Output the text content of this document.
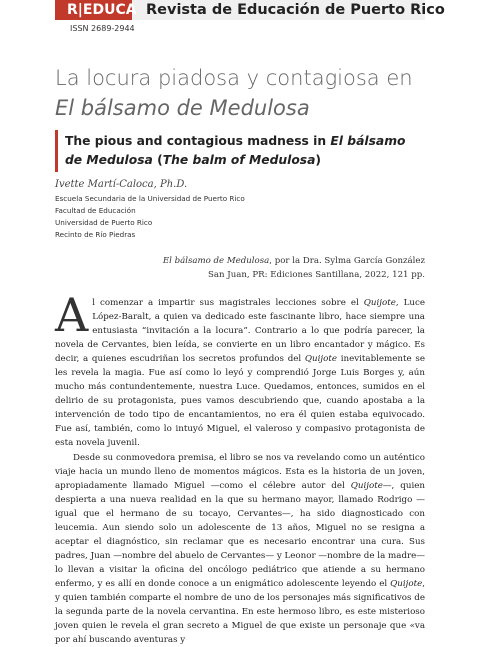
R|EDUCA Revista de Educación de Puerto Rico
ISSN 2689-2944
La locura piadosa y contagiosa en
El bálsamo de Medulosa
The pious and contagious madness in El bálsamo de Medulosa (The balm of Medulosa)
Ivette Martí-Caloca, Ph.D.
Escuela Secundaria de la Universidad de Puerto Rico
Facultad de Educación
Universidad de Puerto Rico
Recinto de Río Piedras
El bálsamo de Medulosa, por la Dra. Sylma García González
San Juan, PR: Ediciones Santillana, 2022, 121 pp.

Al comenzar a impartir sus magistrales lecciones sobre el Quijote, Luce López-Baralt, a quien va dedicado este fascinante libro, hace siempre una entusiasta “invitación a la locura”. Contrario a lo que podría parecer, la novela de Cervantes, bien leída, se convierte en un libro encantador y mágico. Es decir, a quienes escudriñan los secretos profundos del Quijote inevitablemente se les revela la magia. Fue así como lo leyó y comprendió Jorge Luis Borges y, aún mucho más contundentemente, nuestra Luce. Quedamos, entonces, sumidos en el delirio de su protagonista, pues vamos descubriendo que, cuando apostaba a la intervención de todo tipo de encantamientos, no era él quien estaba equivocado. Fue así, también, como lo intuyó Miguel, el valeroso y compasivo protagonista de esta novela juvenil.

Desde su conmovedora premisa, el libro se nos va revelando como un auténtico viaje hacia un mundo lleno de momentos mágicos. Esta es la historia de un joven, apropiadamente llamado Miguel —como el célebre autor del Quijote—, quien despierta a una nueva realidad en la que su hermano mayor, llamado Rodrigo —igual que el hermano de su tocayo, Cervantes—, ha sido diagnosticado con leucemia. Aun siendo solo un adolescente de 13 años, Miguel no se resigna a aceptar el diagnóstico, sin reclamar que es necesario encontrar una cura. Sus padres, Juan —nombre del abuelo de Cervantes— y Leonor —nombre de la madre— lo llevan a visitar la oficina del oncólogo pediátrico que atiende a su hermano enfermo, y es allí en donde conoce a un enigmático adolescente leyendo el Quijote, y quien también comparte el nombre de uno de los personajes más significativos de la segunda parte de la novela cervantina. En este hermoso libro, es este misterioso joven quien le revela el gran secreto a Miguel de que existe un personaje que «va por ahí buscando aventuras y
